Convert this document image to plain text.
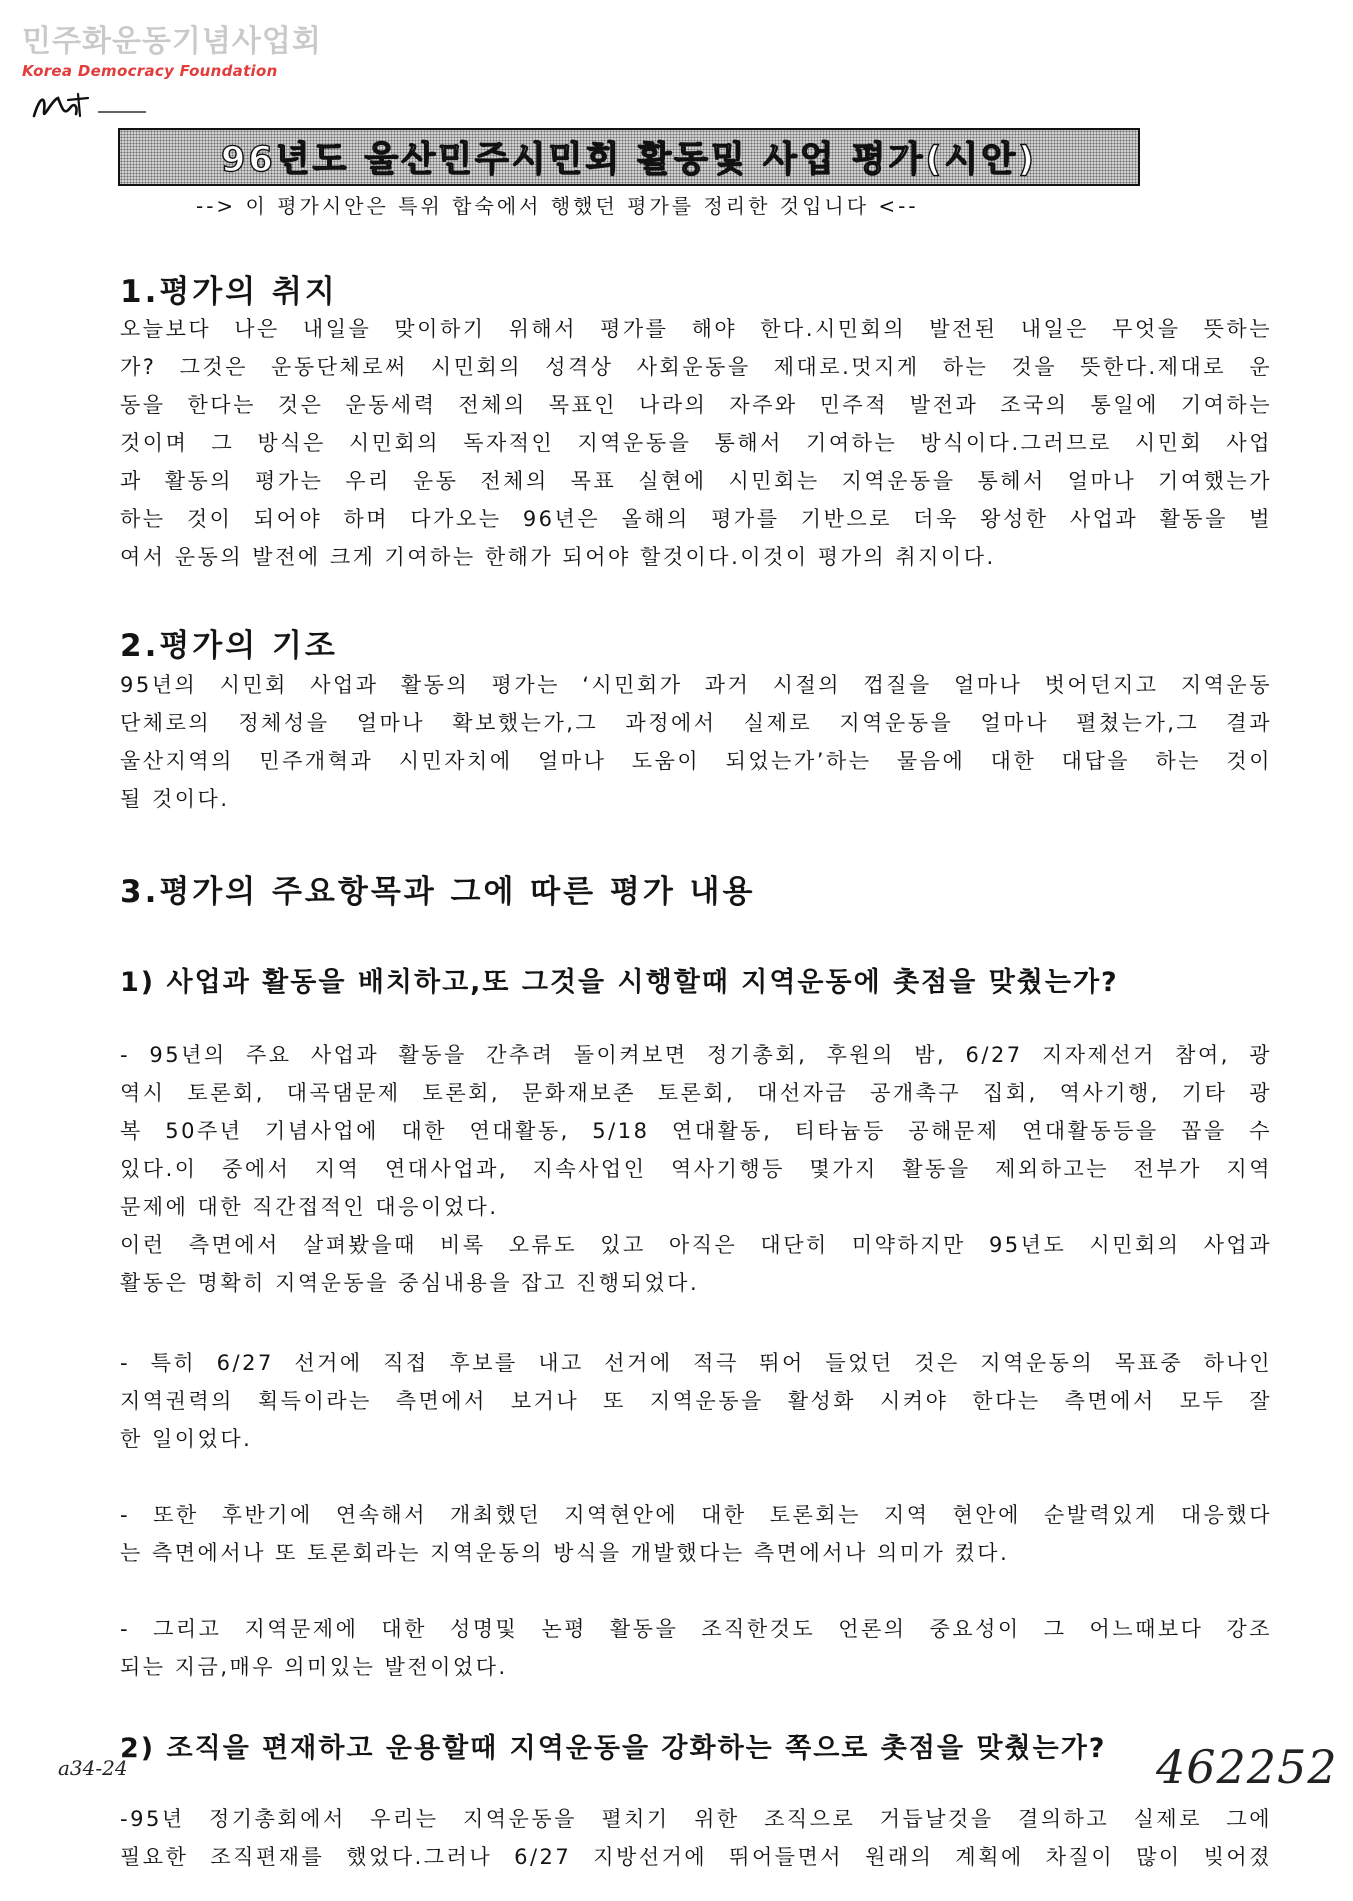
민주화운동기념사업회
Korea Democracy Foundation
96년도 울산민주시민회 활동및 사업 평가(시안)
--> 이 평가시안은 특위 합숙에서 행했던 평가를 정리한 것입니다 <--
1.평가의 취지
오늘보다 나은 내일을 맞이하기 위해서 평가를 해야 한다.시민회의 발전된 내일은 무엇을 뜻하는
가? 그것은 운동단체로써 시민회의 성격상 사회운동을 제대로.멋지게 하는 것을 뜻한다.제대로 운
동을 한다는 것은 운동세력 전체의 목표인 나라의 자주와 민주적 발전과 조국의 통일에 기여하는
것이며 그 방식은 시민회의 독자적인 지역운동을 통해서 기여하는 방식이다.그러므로 시민회 사업
과 활동의 평가는 우리 운동 전체의 목표 실현에 시민회는 지역운동을 통헤서 얼마나 기여했는가
하는 것이 되어야 하며 다가오는 96년은 올해의 평가를 기반으로 더욱 왕성한 사업과 활동을 벌
여서 운동의 발전에 크게 기여하는 한해가 되어야 할것이다.이것이 평가의 취지이다.
2.평가의 기조
95년의 시민회 사업과 활동의 평가는 ‘시민회가 과거 시절의 껍질을 얼마나 벗어던지고 지역운동
단체로의 정체성을 얼마나 확보했는가,그 과정에서 실제로 지역운동을 얼마나 펼쳤는가,그 결과
울산지역의 민주개혁과 시민자치에 얼마나 도움이 되었는가’하는 물음에 대한 대답을 하는 것이
될 것이다.
3.평가의 주요항목과 그에 따른 평가 내용
1) 사업과 활동을 배치하고,또 그것을 시행할때 지역운동에 촛점을 맞췄는가?
- 95년의 주요 사업과 활동을 간추려 돌이켜보면 정기총회, 후원의 밤, 6/27 지자제선거 참여, 광
역시 토론회, 대곡댐문제 토론회, 문화재보존 토론회, 대선자금 공개촉구 집회, 역사기행, 기타 광
복 50주년 기념사업에 대한 연대활동, 5/18 연대활동, 티타늄등 공해문제 연대활동등을 꼽을 수
있다.이 중에서 지역 연대사업과, 지속사업인 역사기행등 몇가지 활동을 제외하고는 전부가 지역
문제에 대한 직간접적인 대응이었다.
이런 측면에서 살펴봤을때 비록 오류도 있고 아직은 대단히 미약하지만 95년도 시민회의 사업과
활동은 명확히 지역운동을 중심내용을 잡고 진행되었다.
- 특히 6/27 선거에 직접 후보를 내고 선거에 적극 뛰어 들었던 것은 지역운동의 목표중 하나인
지역권력의 획득이라는 측면에서 보거나 또 지역운동을 활성화 시켜야 한다는 측면에서 모두 잘
한 일이었다.
- 또한 후반기에 연속해서 개최했던 지역현안에 대한 토론회는 지역 현안에 순발력있게 대응했다
는 측면에서나 또 토론회라는 지역운동의 방식을 개발했다는 측면에서나 의미가 컸다.
- 그리고 지역문제에 대한 성명및 논평 활동을 조직한것도 언론의 중요성이 그 어느때보다 강조
되는 지금,매우 의미있는 발전이었다.
2) 조직을 편재하고 운용할때 지역운동을 강화하는 쪽으로 촛점을 맞췄는가?
-95년 정기총회에서 우리는 지역운동을 펼치기 위한 조직으로 거듭날것을 결의하고 실제로 그에
필요한 조직편재를 했었다.그러나 6/27 지방선거에 뛰어들면서 원래의 계획에 차질이 많이 빚어졌
a34-24	462252
